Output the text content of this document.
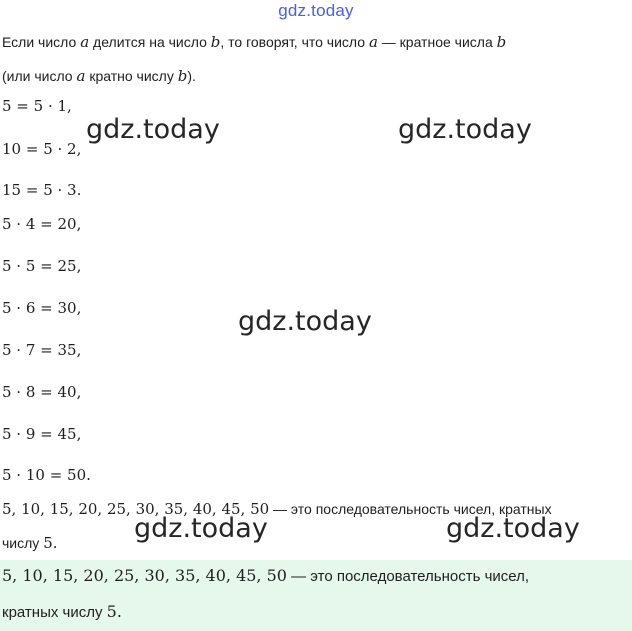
gdz.today
Если число a делится на число b, то говорят, что число a — кратное числа b
(или число a кратно числу b).
5 = 5 · 1,
10 = 5 · 2,
15 = 5 · 3.
5 · 4 = 20,
5 · 5 = 25,
5 · 6 = 30,
5 · 7 = 35,
5 · 8 = 40,
5 · 9 = 45,
5 · 10 = 50.
5, 10, 15, 20, 25, 30, 35, 40, 45, 50 — это последовательность чисел, кратных
числу 5.
5, 10, 15, 20, 25, 30, 35, 40, 45, 50 — это последовательность чисел,
кратных числу 5.
gdz.today	gdz.today
gdz.today
gdz.today	gdz.today
